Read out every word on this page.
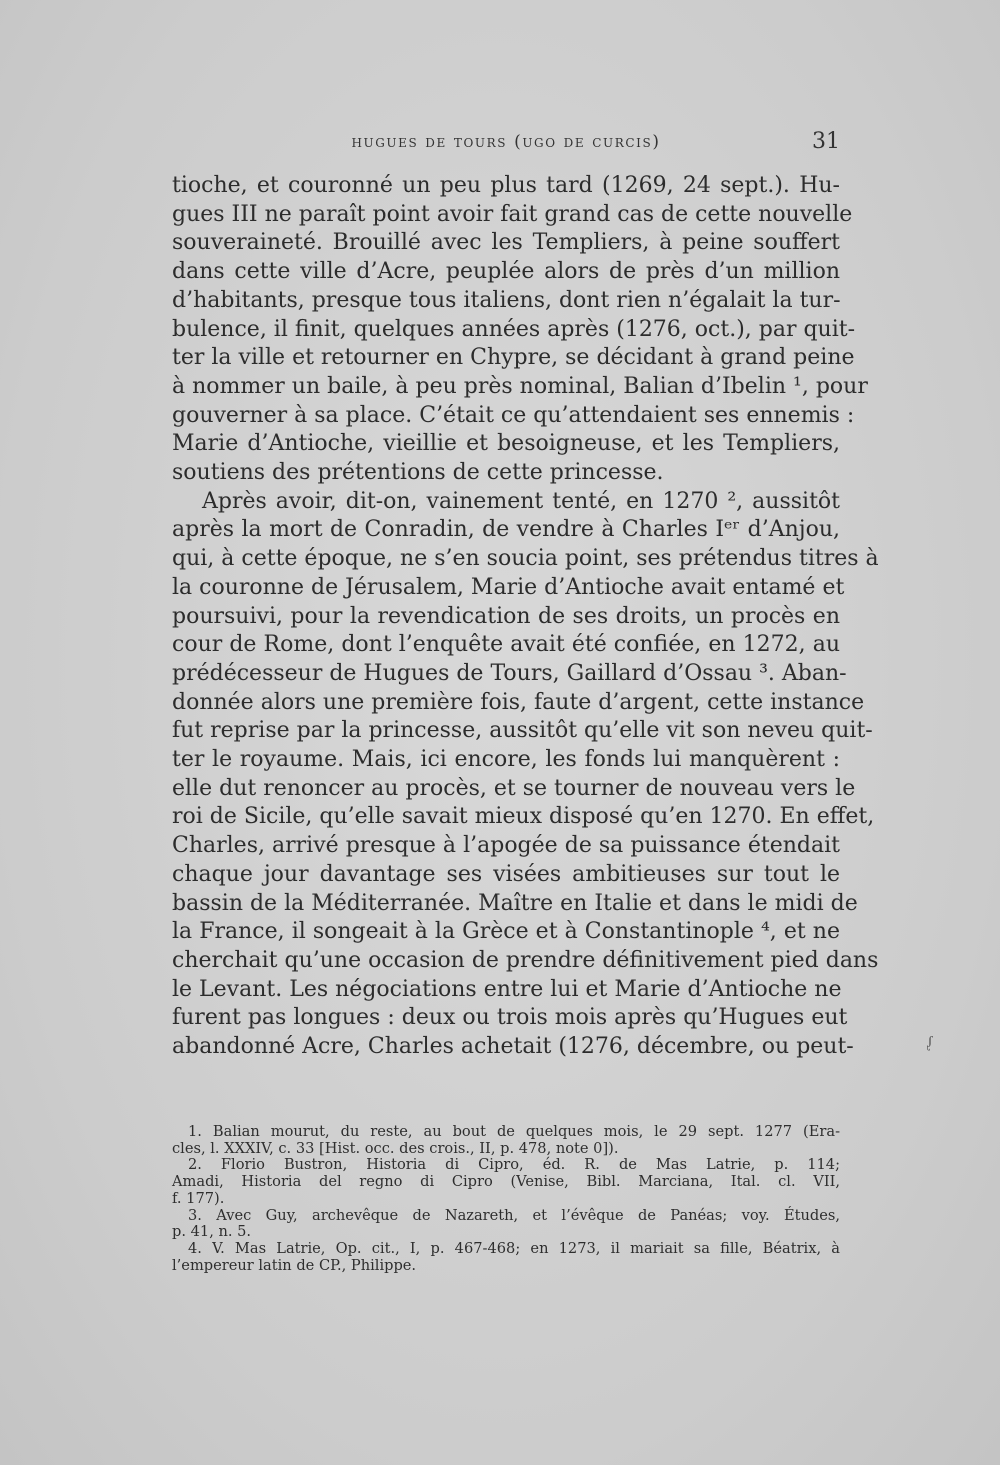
hugues de tours (ugo de curcis)	31
tioche, et couronné un peu plus tard (1269, 24 sept.). Hu-
gues III ne paraît point avoir fait grand cas de cette nouvelle
souveraineté. Brouillé avec les Templiers, à peine souffert
dans cette ville d’Acre, peuplée alors de près d’un million
d’habitants, presque tous italiens, dont rien n’égalait la tur-
bulence, il finit, quelques années après (1276, oct.), par quit-
ter la ville et retourner en Chypre, se décidant à grand peine
à nommer un baile, à peu près nominal, Balian d’Ibelin ¹, pour
gouverner à sa place. C’était ce qu’attendaient ses ennemis :
Marie d’Antioche, vieillie et besoigneuse, et les Templiers,
soutiens des prétentions de cette princesse.
Après avoir, dit-on, vainement tenté, en 1270 ², aussitôt
après la mort de Conradin, de vendre à Charles Iᵉʳ d’Anjou,
qui, à cette époque, ne s’en soucia point, ses prétendus titres à
la couronne de Jérusalem, Marie d’Antioche avait entamé et
poursuivi, pour la revendication de ses droits, un procès en
cour de Rome, dont l’enquête avait été confiée, en 1272, au
prédécesseur de Hugues de Tours, Gaillard d’Ossau ³. Aban-
donnée alors une première fois, faute d’argent, cette instance
fut reprise par la princesse, aussitôt qu’elle vit son neveu quit-
ter le royaume. Mais, ici encore, les fonds lui manquèrent :
elle dut renoncer au procès, et se tourner de nouveau vers le
roi de Sicile, qu’elle savait mieux disposé qu’en 1270. En effet,
Charles, arrivé presque à l’apogée de sa puissance étendait
chaque jour davantage ses visées ambitieuses sur tout le
bassin de la Méditerranée. Maître en Italie et dans le midi de
la France, il songeait à la Grèce et à Constantinople ⁴, et ne
cherchait qu’une occasion de prendre définitivement pied dans
le Levant. Les négociations entre lui et Marie d’Antioche ne
furent pas longues : deux ou trois mois après qu’Hugues eut
abandonné Acre, Charles achetait (1276, décembre, ou peut-
1. Balian mourut, du reste, au bout de quelques mois, le 29 sept. 1277 (Era-
cles, l. XXXIV, c. 33 [Hist. occ. des crois., II, p. 478, note 0]).
2. Florio Bustron, Historia di Cipro, éd. R. de Mas Latrie, p. 114;
Amadi, Historia del regno di Cipro (Venise, Bibl. Marciana, Ital. cl. VII,
f. 177).
3. Avec Guy, archevêque de Nazareth, et l’évêque de Panéas; voy. Études,
p. 41, n. 5.
4. V. Mas Latrie, Op. cit., I, p. 467-468; en 1273, il mariait sa fille, Béatrix, à
l’empereur latin de CP., Philippe.
ᶘ
